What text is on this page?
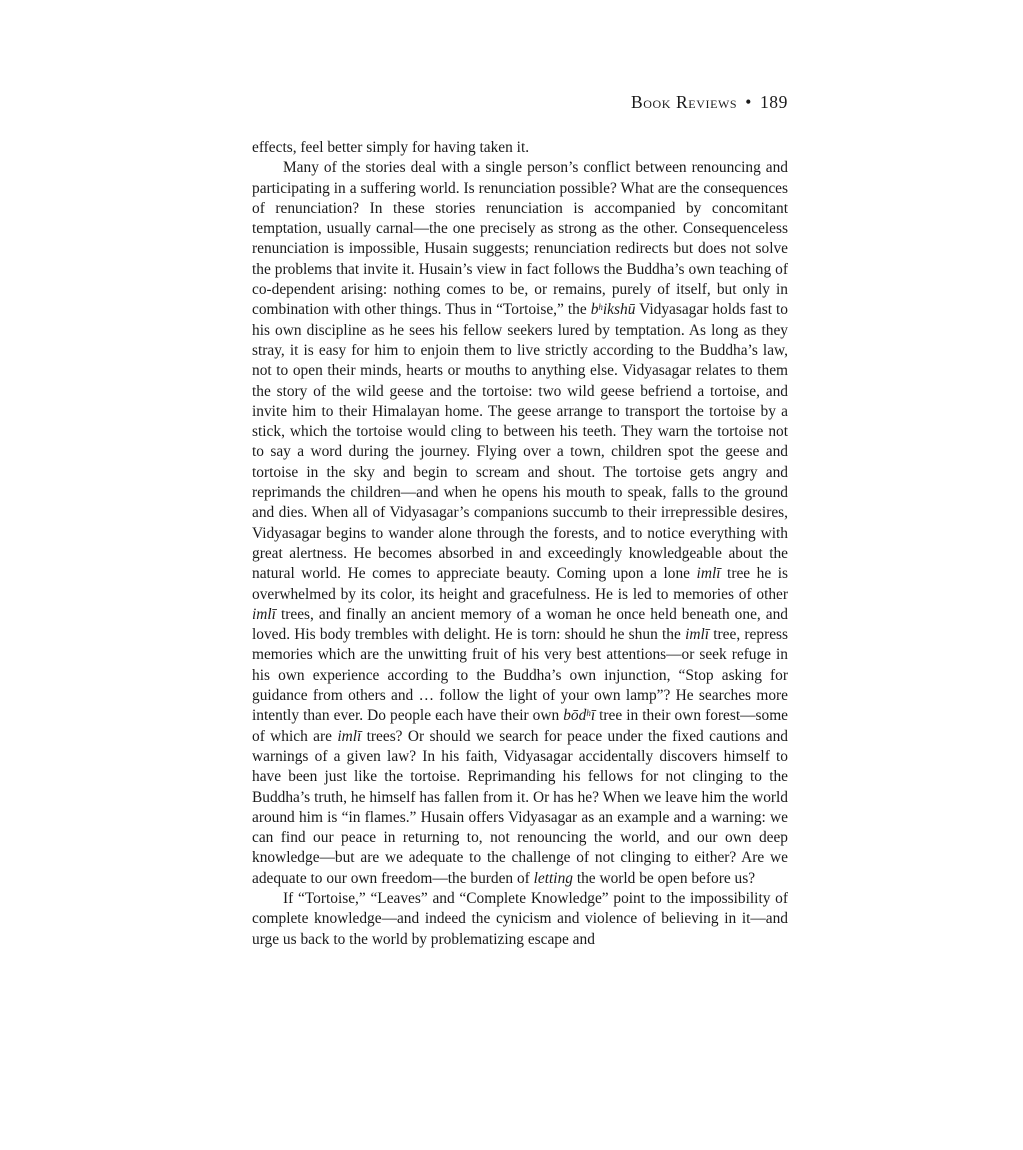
Book Reviews • 189

effects, feel better simply for having taken it.

Many of the stories deal with a single person’s conflict between renouncing and participating in a suffering world. Is renunciation possible? What are the consequences of renunciation? In these stories renunciation is accompanied by concomitant temptation, usually carnal—the one precisely as strong as the other. Consequenceless renunciation is impossible, Husain suggests; renunciation redirects but does not solve the problems that invite it. Husain’s view in fact follows the Buddha’s own teaching of co-dependent arising: nothing comes to be, or remains, purely of itself, but only in combination with other things. Thus in “Tortoise,” the $b^hikshū$ Vidyasagar holds fast to his own discipline as he sees his fellow seekers lured by temptation. As long as they stray, it is easy for him to enjoin them to live strictly according to the Buddha’s law, not to open their minds, hearts or mouths to anything else. Vidyasagar relates to them the story of the wild geese and the tortoise: two wild geese befriend a tortoise, and invite him to their Himalayan home. The geese arrange to transport the tortoise by a stick, which the tortoise would cling to between his teeth. They warn the tortoise not to say a word during the journey. Flying over a town, children spot the geese and tortoise in the sky and begin to scream and shout. The tortoise gets angry and reprimands the children—and when he opens his mouth to speak, falls to the ground and dies. When all of Vidyasagar’s companions succumb to their irrepressible desires, Vidyasagar begins to wander alone through the forests, and to notice everything with great alertness. He becomes absorbed in and exceedingly knowledgeable about the natural world. He comes to appreciate beauty. Coming upon a lone imlī tree he is overwhelmed by its color, its height and gracefulness. He is led to memories of other imlī trees, and finally an ancient memory of a woman he once held beneath one, and loved. His body trembles with delight. He is torn: should he shun the imlī tree, repress memories which are the unwitting fruit of his very best attentions—or seek refuge in his own experience according to the Buddha’s own injunction, “Stop asking for guidance from others and … follow the light of your own lamp”? He searches more intently than ever. Do people each have their own bōd$^h$ī tree in their own forest—some of which are imlī trees? Or should we search for peace under the fixed cautions and warnings of a given law? In his faith, Vidyasagar accidentally discovers himself to have been just like the tortoise. Reprimanding his fellows for not clinging to the Buddha’s truth, he himself has fallen from it. Or has he? When we leave him the world around him is “in flames.” Husain offers Vidyasagar as an example and a warning: we can find our peace in returning to, not renouncing the world, and our own deep knowledge—but are we adequate to the challenge of not clinging to either? Are we adequate to our own freedom—the burden of letting the world be open before us?

If “Tortoise,” “Leaves” and “Complete Knowledge” point to the impossibility of complete knowledge—and indeed the cynicism and violence of believing in it—and urge us back to the world by problematizing escape and
